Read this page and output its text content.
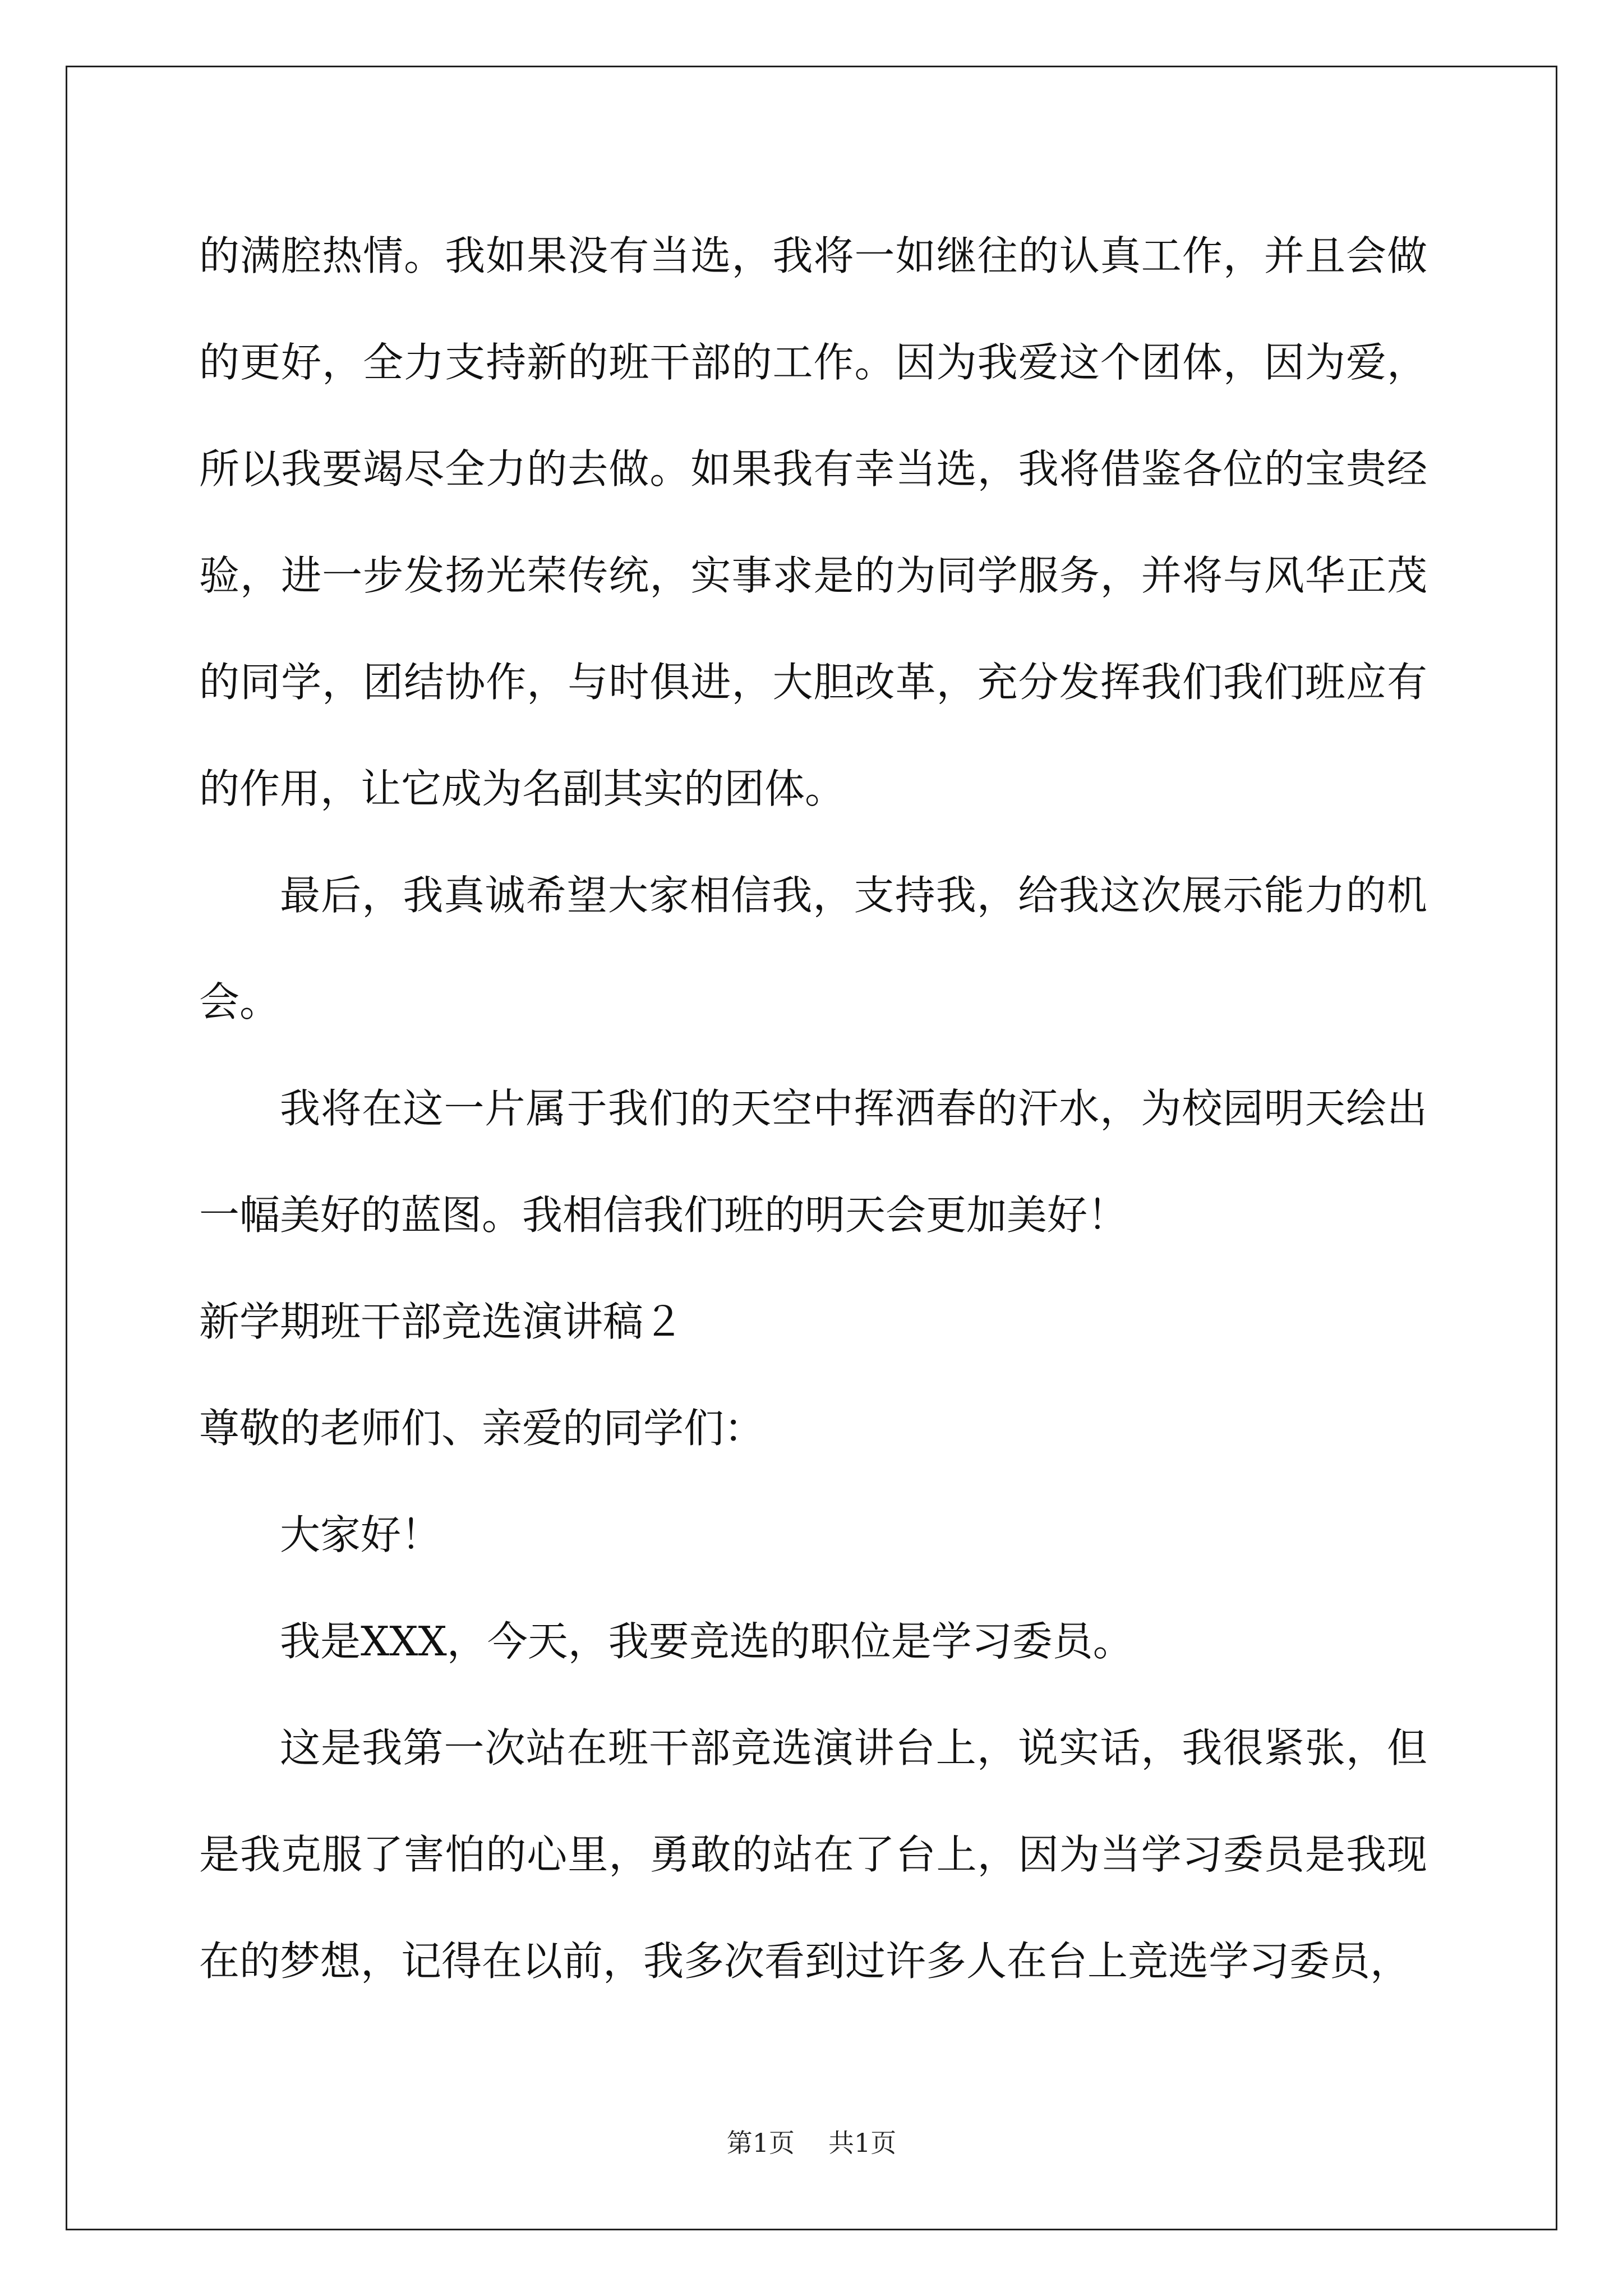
的满腔热情。我如果没有当选，我将一如继往的认真工作，并且会做的更好，全力支持新的班干部的工作。因为我爱这个团体，因为爱，所以我要竭尽全力的去做。如果我有幸当选，我将借鉴各位的宝贵经验，进一步发扬光荣传统，实事求是的为同学服务，并将与风华正茂的同学，团结协作，与时俱进，大胆改革，充分发挥我们我们班应有的作用，让它成为名副其实的团体。

最后，我真诚希望大家相信我，支持我，给我这次展示能力的机会。

我将在这一片属于我们的天空中挥洒春的汗水，为校园明天绘出一幅美好的蓝图。我相信我们班的明天会更加美好！

新学期班干部竞选演讲稿２

尊敬的老师们、亲爱的同学们：

大家好！

我是XXX，今天，我要竞选的职位是学习委员。

这是我第一次站在班干部竞选演讲台上，说实话，我很紧张，但是我克服了害怕的心里，勇敢的站在了台上，因为当学习委员是我现在的梦想，记得在以前，我多次看到过许多人在台上竞选学习委员，

第1页 共1页
